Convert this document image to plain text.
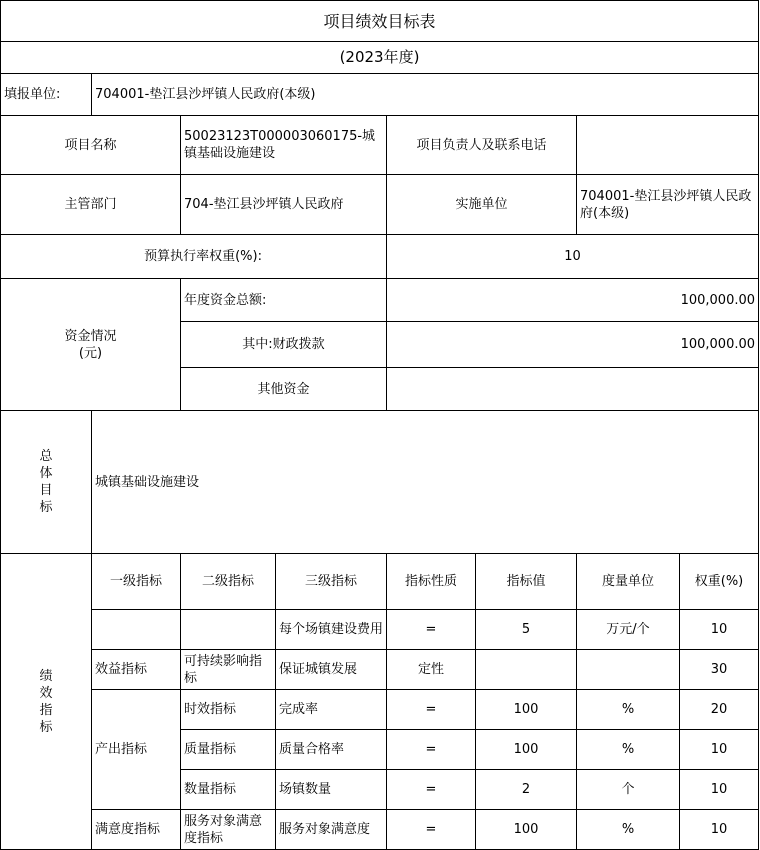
项目绩效目标表							
(2023年度)							
填报单位:	704001-垫江县沙坪镇人民政府(本级)						
项目名称		50023123T000003060175-城镇基础设施建设		项目负责人及联系电话			
主管部门		704-垫江县沙坪镇人民政府		实施单位		704001-垫江县沙坪镇人民政府(本级)	
预算执行率权重(%):				10			

资金情况
(元)		年度资金总额:		100,000.00			
		其中:财政拨款		100,000.00			
		其他资金					

总
体
目
标	城镇基础设施建设						

绩
效
指
标	一级指标	二级指标	三级指标	指标性质	指标值	度量单位	权重(%)
			每个场镇建设费用	=	5	万元/个	10
	效益指标	可持续影响指标	保证城镇发展	定性			30
	产出指标	时效指标	完成率	=	100	%	20
		质量指标	质量合格率	=	100	%	10
		数量指标	场镇数量	=	2	个	10
	满意度指标	服务对象满意度指标	服务对象满意度	=	100	%	10
